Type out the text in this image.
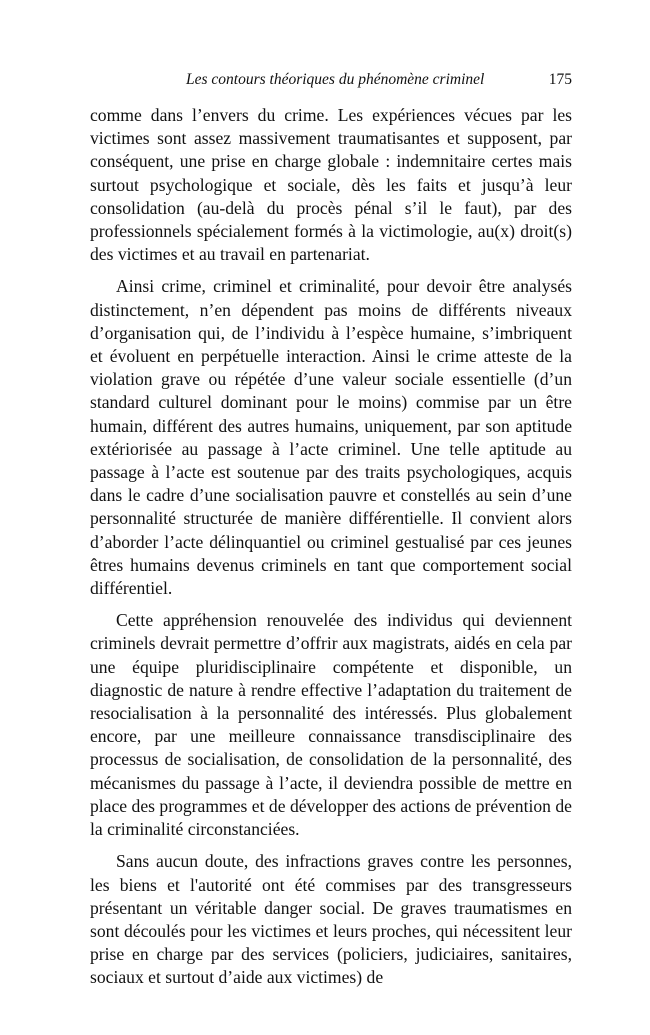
Les contours théoriques du phénomène criminel	175

comme dans l’envers du crime. Les expériences vécues par les victimes sont assez massivement traumatisantes et supposent, par conséquent, une prise en charge globale : indemnitaire certes mais surtout psychologique et sociale, dès les faits et jusqu’à leur consolidation (au-delà du procès pénal s’il le faut), par des professionnels spécialement formés à la victimologie, au(x) droit(s) des victimes et au travail en partenariat.

Ainsi crime, criminel et criminalité, pour devoir être analysés distinctement, n’en dépendent pas moins de différents niveaux d’organisation qui, de l’individu à l’espèce humaine, s’imbriquent et évoluent en perpétuelle interaction. Ainsi le crime atteste de la violation grave ou répétée d’une valeur sociale essentielle (d’un standard culturel dominant pour le moins) commise par un être humain, différent des autres humains, uniquement, par son aptitude extériorisée au passage à l’acte criminel. Une telle aptitude au passage à l’acte est soutenue par des traits psychologiques, acquis dans le cadre d’une socialisation pauvre et constellés au sein d’une personnalité structurée de manière différentielle. Il convient alors d’aborder l’acte délinquantiel ou criminel gestualisé par ces jeunes êtres humains devenus criminels en tant que comportement social différentiel.

Cette appréhension renouvelée des individus qui deviennent criminels devrait permettre d’offrir aux magistrats, aidés en cela par une équipe pluridisciplinaire compétente et disponible, un diagnostic de nature à rendre effective l’adaptation du traitement de resocialisation à la personnalité des intéressés. Plus globalement encore, par une meilleure connaissance transdisciplinaire des processus de socialisation, de consolidation de la personnalité, des mécanismes du passage à l’acte, il deviendra possible de mettre en place des programmes et de développer des actions de prévention de la criminalité circonstanciées.

Sans aucun doute, des infractions graves contre les personnes, les biens et l'autorité ont été commises par des transgresseurs présentant un véritable danger social. De graves traumatismes en sont découlés pour les victimes et leurs proches, qui nécessitent leur prise en charge par des services (policiers, judiciaires, sanitaires, sociaux et surtout d’aide aux victimes) de
